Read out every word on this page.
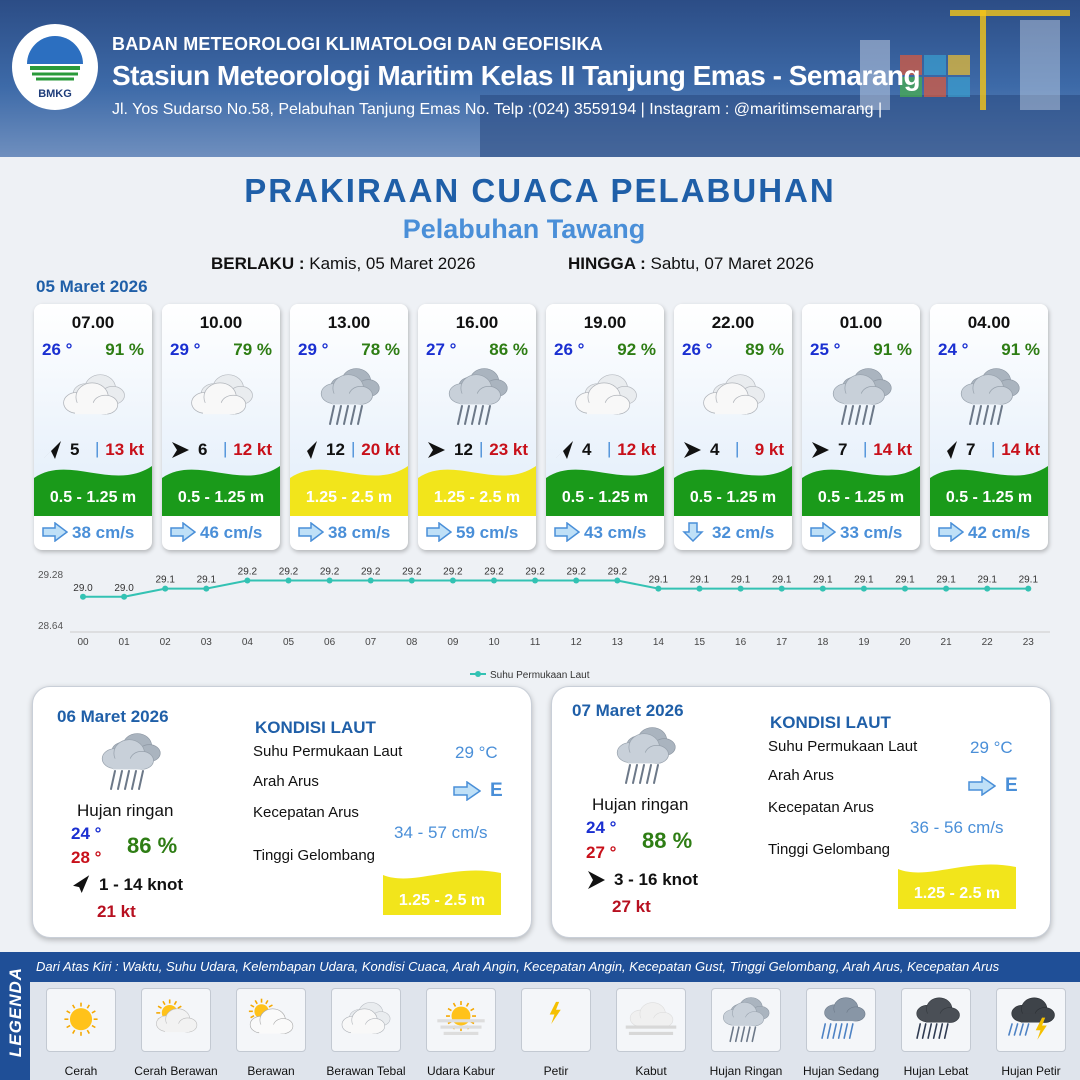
BMKG
BADAN METEOROLOGI KLIMATOLOGI DAN GEOFISIKA
Stasiun Meteorologi Maritim Kelas II Tanjung Emas - Semarang
Jl. Yos Sudarso No.58, Pelabuhan Tanjung Emas No. Telp :(024) 3559194 | Instagram : @maritimsemarang |
PRAKIRAAN CUACA PELABUHAN
Pelabuhan Tawang
BERLAKU : Kamis, 05 Maret 2026	HINGGA : Sabtu, 07 Maret 2026
05 Maret 2026
07.00
26 ° 91 %
5 | 13 kt
0.5 - 1.25 m
38 cm/s
10.00
29 ° 79 %
6 | 12 kt
0.5 - 1.25 m
46 cm/s
13.00
29 ° 78 %
12 | 20 kt
1.25 - 2.5 m
38 cm/s
16.00
27 ° 86 %
12 | 23 kt
1.25 - 2.5 m
59 cm/s
19.00
26 ° 92 %
4 | 12 kt
0.5 - 1.25 m
43 cm/s
22.00
26 ° 89 %
4 | 9 kt
0.5 - 1.25 m
32 cm/s
01.00
25 ° 91 %
7 | 14 kt
0.5 - 1.25 m
33 cm/s
04.00
24 ° 91 %
7 | 14 kt
0.5 - 1.25 m
42 cm/s
29.28
28.64
29.0 29.0
29.1 29.1
29.2 29.2 29.2 29.2 29.2 29.2 29.2 29.2 29.2 29.2
29.1 29.1 29.1 29.1 29.1 29.1 29.1 29.1 29.1 29.1
00	01	02	03	04	05	06	07	08	09	10	11	12	13	14	15	16	17	18	19	20	21	22	23
Suhu Permukaan Laut
06 Maret 2026
Hujan ringan
24 °
28 ° 86 %
1 - 14 knot
21 kt
KONDISI LAUT
Suhu Permukaan Laut	29 °C
Arah Arus	E
Kecepatan Arus
34 - 57 cm/s
Tinggi Gelombang
1.25 - 2.5 m
07 Maret 2026
Hujan ringan
24 °
27 ° 88 %
3 - 16 knot
27 kt
KONDISI LAUT
Suhu Permukaan Laut	29 °C
Arah Arus	E
Kecepatan Arus
36 - 56 cm/s
Tinggi Gelombang
1.25 - 2.5 m
LEGENDA
Dari Atas Kiri : Waktu, Suhu Udara, Kelembapan Udara, Kondisi Cuaca, Arah Angin, Kecepatan Angin, Kecepatan Gust, Tinggi Gelombang, Arah Arus, Kecepatan Arus
Cerah	Cerah Berawan	Berawan	Berawan Tebal	Udara Kabur	Petir	Kabut	Hujan Ringan	Hujan Sedang	Hujan Lebat	Hujan Petir
